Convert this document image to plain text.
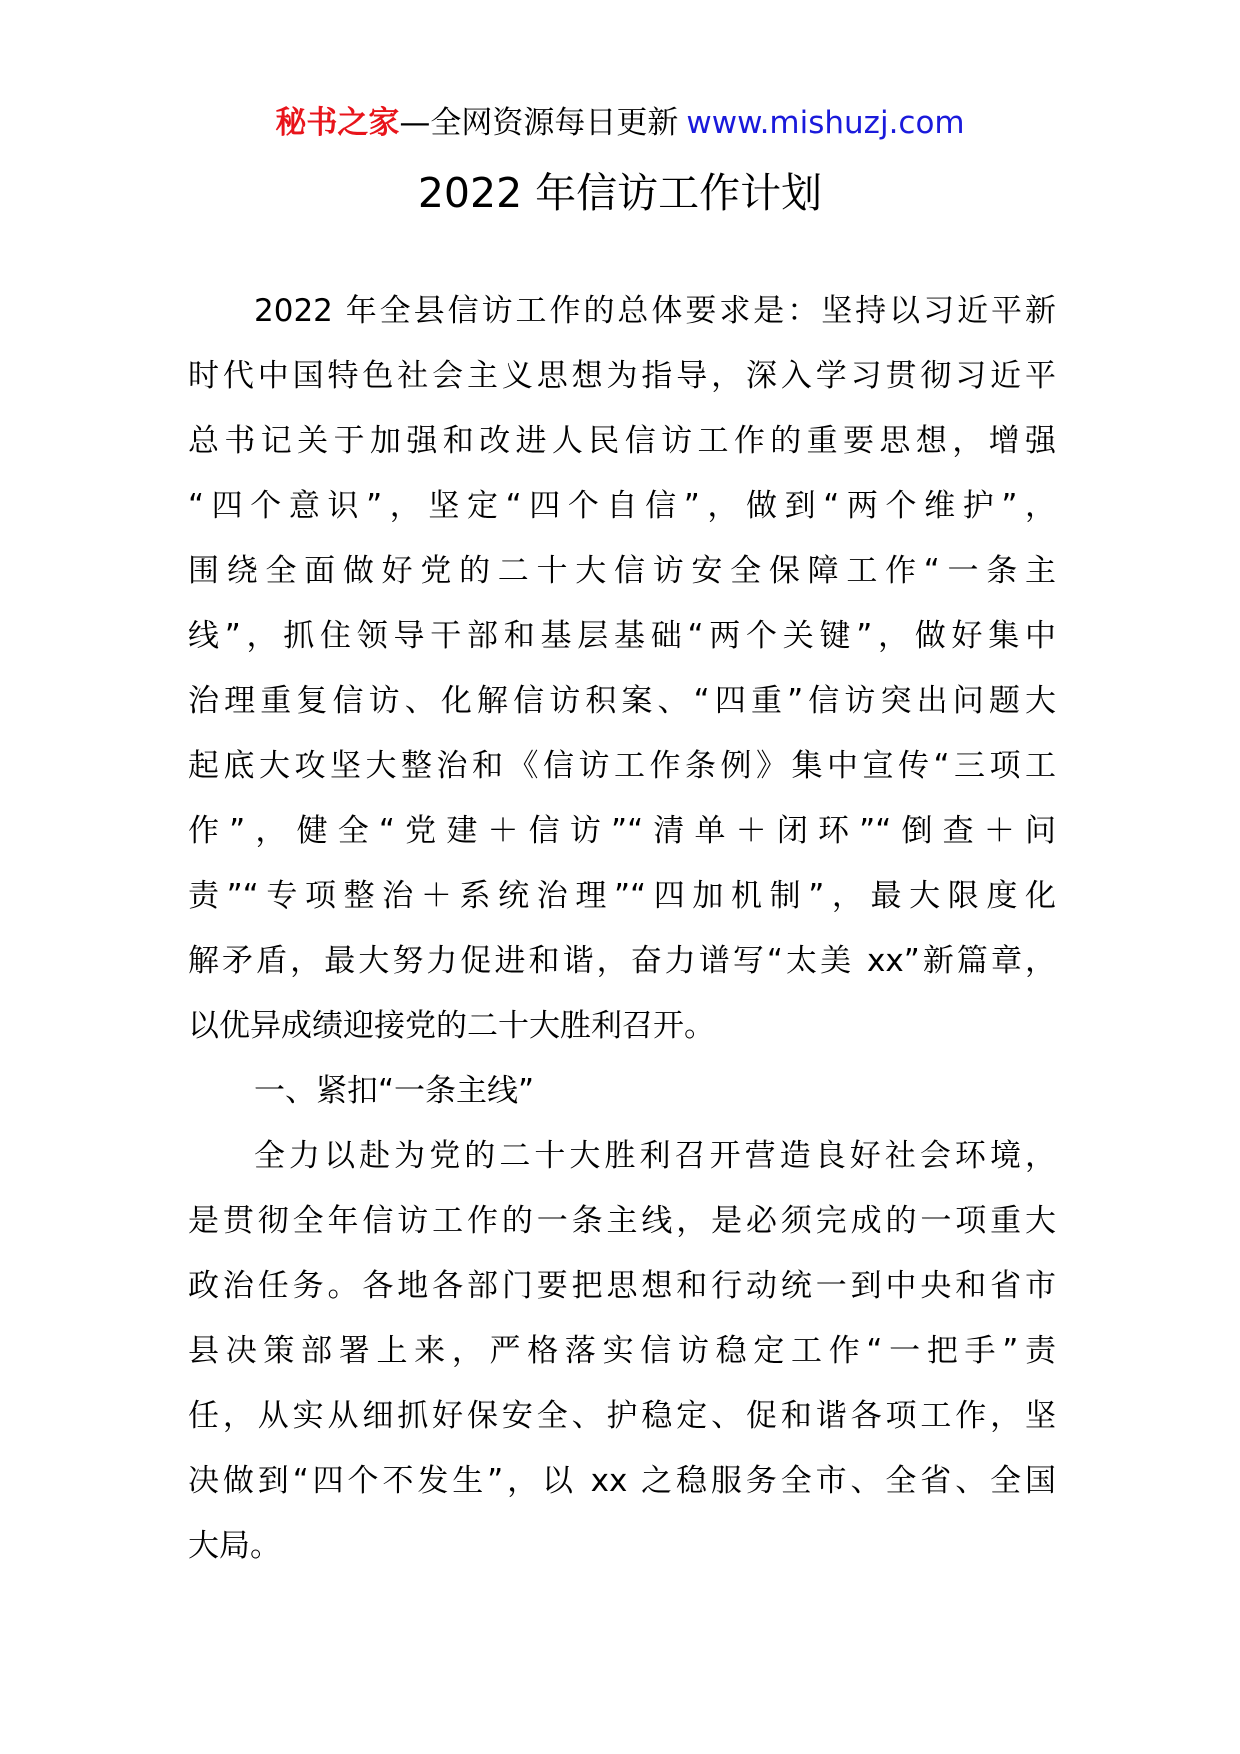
秘书之家—全网资源每日更新 www.mishuzj.com
2022 年信访工作计划
2022 年全县信访工作的总体要求是：坚持以习近平新
时代中国特色社会主义思想为指导，深入学习贯彻习近平
总书记关于加强和改进人民信访工作的重要思想，增强
“四个意识”，坚定“四个自信”，做到“两个维护”，
围绕全面做好党的二十大信访安全保障工作“一条主
线”，抓住领导干部和基层基础“两个关键”，做好集中
治理重复信访、化解信访积案、“四重”信访突出问题大
起底大攻坚大整治和《信访工作条例》集中宣传“三项工
作”，健全“党建＋信访”“清单＋闭环”“倒查＋问
责”“专项整治＋系统治理”“四加机制”，最大限度化
解矛盾，最大努力促进和谐，奋力谱写“太美 xx”新篇章，
以优异成绩迎接党的二十大胜利召开。
一、紧扣“一条主线”
全力以赴为党的二十大胜利召开营造良好社会环境，
是贯彻全年信访工作的一条主线，是必须完成的一项重大
政治任务。各地各部门要把思想和行动统一到中央和省市
县决策部署上来，严格落实信访稳定工作“一把手”责
任，从实从细抓好保安全、护稳定、促和谐各项工作，坚
决做到“四个不发生”，以 xx 之稳服务全市、全省、全国
大局。
